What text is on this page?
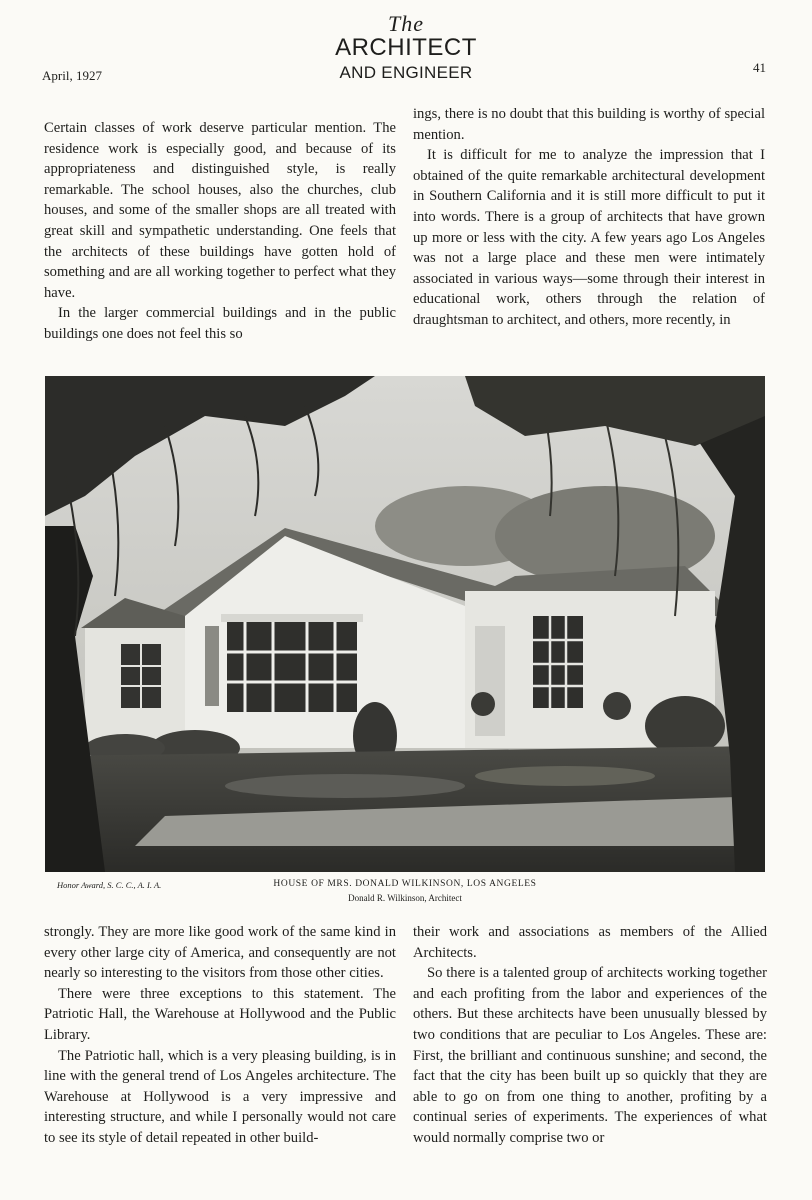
April, 1927
The
ARCHITECT
AND ENGINEER	41

Certain classes of work deserve particular mention. The residence work is especially good, and because of its appropriateness and distinguished style, is really remarkable. The school houses, also the churches, club houses, and some of the smaller shops are all treated with great skill and sympathetic understanding. One feels that the architects of these buildings have gotten hold of something and are all working together to perfect what they have.

In the larger commercial buildings and in the public buildings one does not feel this so

ings, there is no doubt that this building is worthy of special mention.

It is difficult for me to analyze the impression that I obtained of the quite remarkable architectural development in Southern California and it is still more difficult to put it into words. There is a group of architects that have grown up more or less with the city. A few years ago Los Angeles was not a large place and these men were intimately associated in various ways—some through their interest in educational work, others through the relation of draughtsman to architect, and others, more recently, in

Honor Award, S. C. C., A. I. A.	HOUSE OF MRS. DONALD WILKINSON, LOS ANGELES
Donald R. Wilkinson, Architect

strongly. They are more like good work of the same kind in every other large city of America, and consequently are not nearly so interesting to the visitors from those other cities.

There were three exceptions to this statement. The Patriotic Hall, the Warehouse at Hollywood and the Public Library.

The Patriotic hall, which is a very pleasing building, is in line with the general trend of Los Angeles architecture. The Warehouse at Hollywood is a very impressive and interesting structure, and while I personally would not care to see its style of detail repeated in other build-

their work and associations as members of the Allied Architects.

So there is a talented group of architects working together and each profiting from the labor and experiences of the others. But these architects have been unusually blessed by two conditions that are peculiar to Los Angeles. These are: First, the brilliant and continuous sunshine; and second, the fact that the city has been built up so quickly that they are able to go on from one thing to another, profiting by a continual series of experiments. The experiences of what would normally comprise two or
